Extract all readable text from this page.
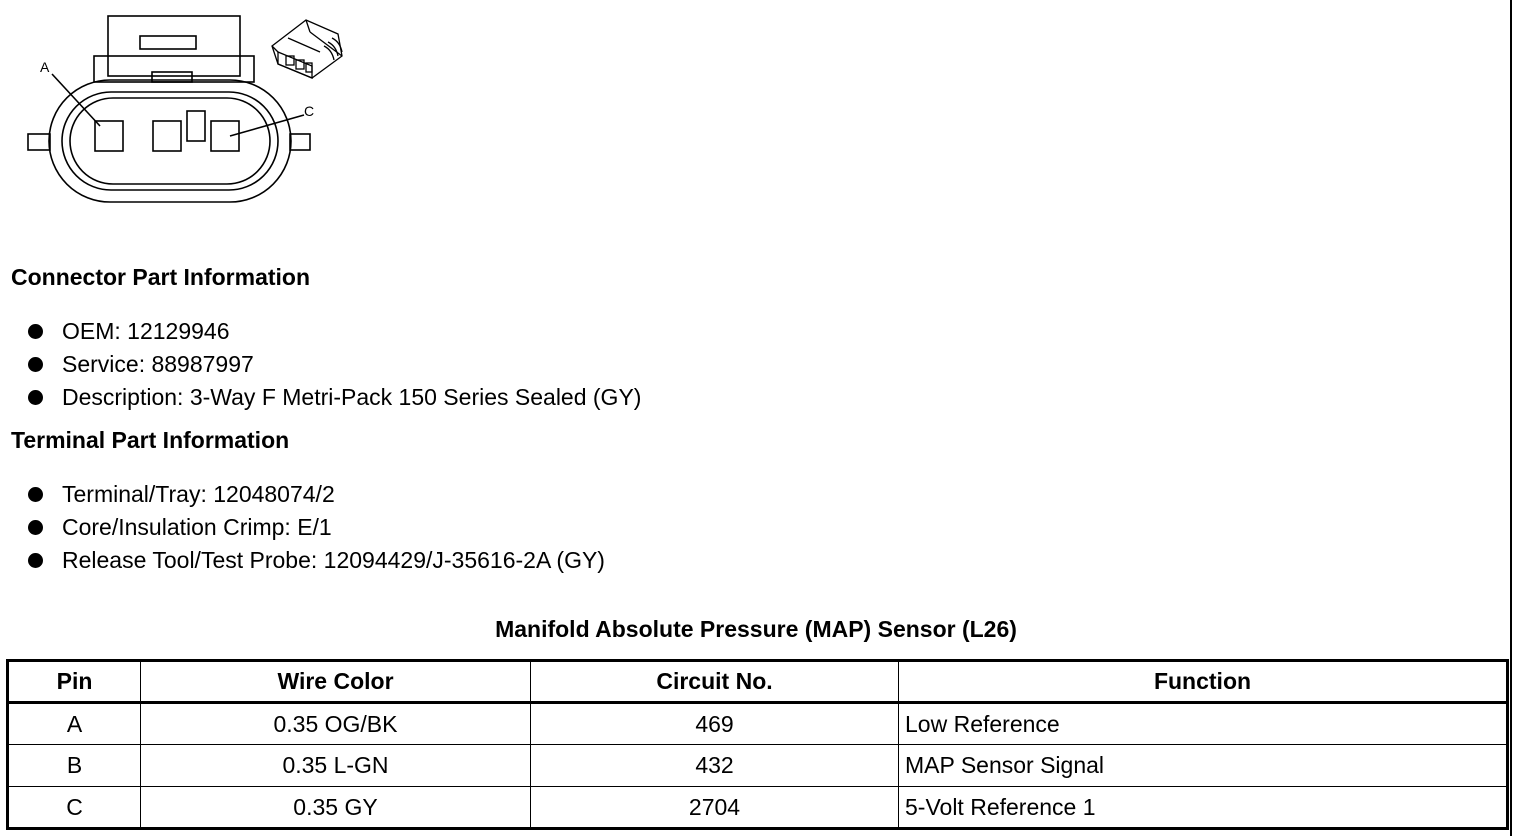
A
C
Connector Part Information
OEM: 12129946
Service: 88987997
Description: 3-Way F Metri-Pack 150 Series Sealed (GY)
Terminal Part Information
Terminal/Tray: 12048074/2
Core/Insulation Crimp: E/1
Release Tool/Test Probe: 12094429/J-35616-2A (GY)
Manifold Absolute Pressure (MAP) Sensor (L26)
Pin	Wire Color	Circuit No.	Function
A	0.35 OG/BK	469	Low Reference
B	0.35 L-GN	432	MAP Sensor Signal
C	0.35 GY	2704	5-Volt Reference 1
